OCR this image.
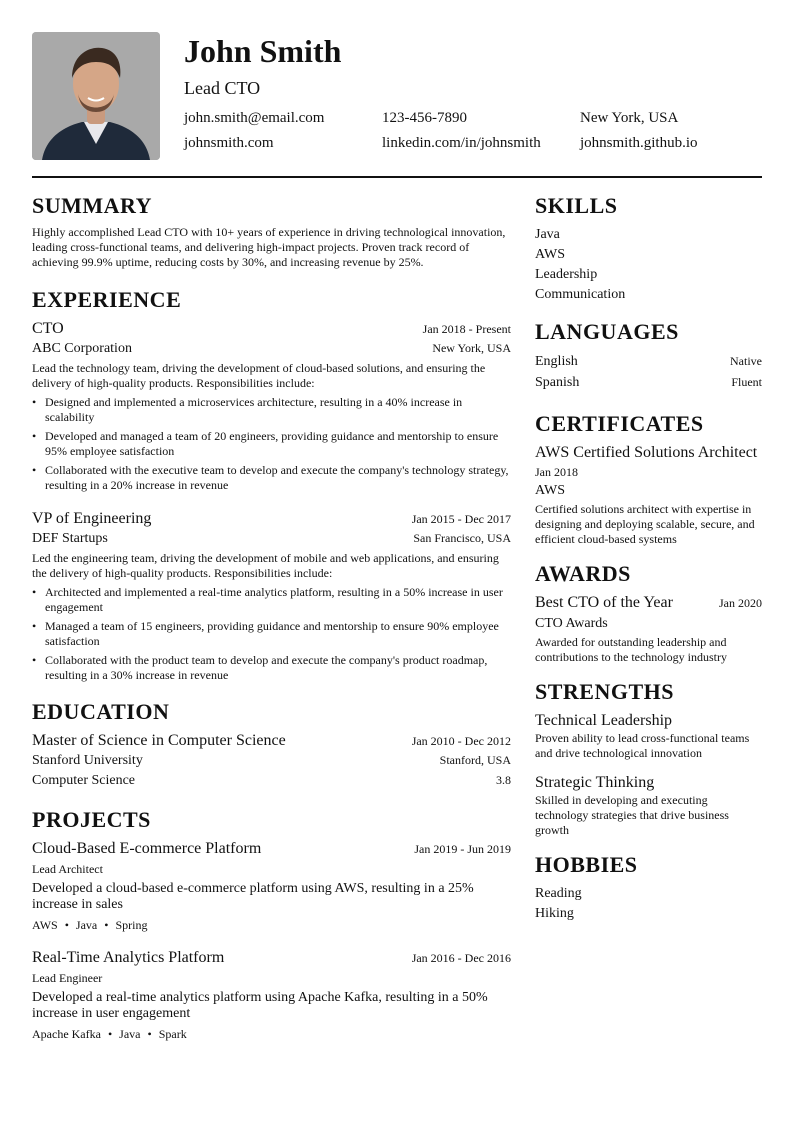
John Smith
Lead CTO
john.smith@email.com	123-456-7890	New York, USA
johnsmith.com	linkedin.com/in/johnsmith	johnsmith.github.io
SUMMARY
Highly accomplished Lead CTO with 10+ years of experience in driving technological innovation, leading cross-functional teams, and delivering high-impact projects. Proven track record of achieving 99.9% uptime, reducing costs by 30%, and increasing revenue by 25%.
EXPERIENCE
CTO	Jan 2018 - Present
ABC Corporation	New York, USA
Lead the technology team, driving the development of cloud-based solutions, and ensuring the delivery of high-quality products. Responsibilities include:
• Designed and implemented a microservices architecture, resulting in a 40% increase in scalability
• Developed and managed a team of 20 engineers, providing guidance and mentorship to ensure 95% employee satisfaction
• Collaborated with the executive team to develop and execute the company's technology strategy, resulting in a 20% increase in revenue
VP of Engineering	Jan 2015 - Dec 2017
DEF Startups	San Francisco, USA
Led the engineering team, driving the development of mobile and web applications, and ensuring the delivery of high-quality products. Responsibilities include:
• Architected and implemented a real-time analytics platform, resulting in a 50% increase in user engagement
• Managed a team of 15 engineers, providing guidance and mentorship to ensure 90% employee satisfaction
• Collaborated with the product team to develop and execute the company's product roadmap, resulting in a 30% increase in revenue
EDUCATION
Master of Science in Computer Science	Jan 2010 - Dec 2012
Stanford University	Stanford, USA
Computer Science	3.8
PROJECTS
Cloud-Based E-commerce Platform	Jan 2019 - Jun 2019
Lead Architect
Developed a cloud-based e-commerce platform using AWS, resulting in a 25% increase in sales
AWS • Java • Spring
Real-Time Analytics Platform	Jan 2016 - Dec 2016
Lead Engineer
Developed a real-time analytics platform using Apache Kafka, resulting in a 50% increase in user engagement
Apache Kafka • Java • Spark
SKILLS
Java
AWS
Leadership
Communication
LANGUAGES
English	Native
Spanish	Fluent
CERTIFICATES
AWS Certified Solutions Architect
Jan 2018
AWS
Certified solutions architect with expertise in designing and deploying scalable, secure, and efficient cloud-based systems
AWARDS
Best CTO of the Year	Jan 2020
CTO Awards
Awarded for outstanding leadership and contributions to the technology industry
STRENGTHS
Technical Leadership
Proven ability to lead cross-functional teams and drive technological innovation
Strategic Thinking
Skilled in developing and executing technology strategies that drive business growth
HOBBIES
Reading
Hiking
